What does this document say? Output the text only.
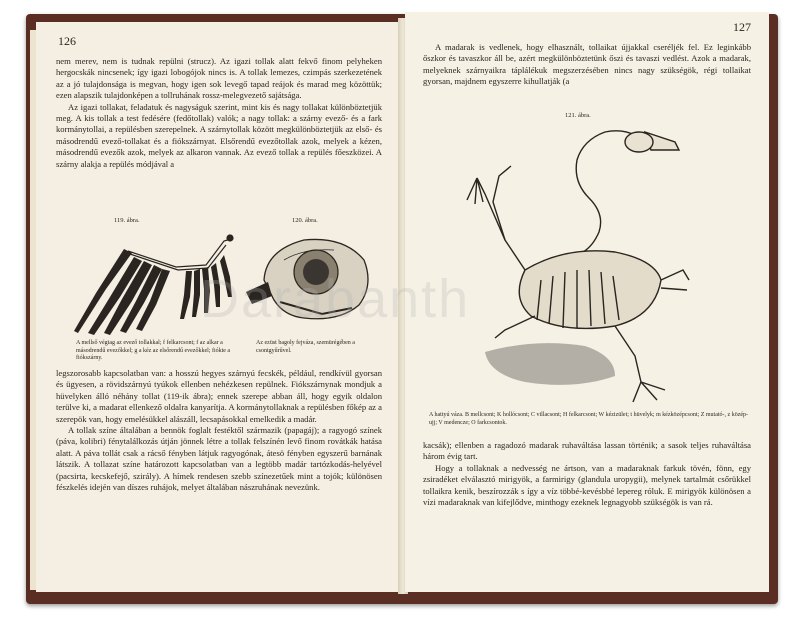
126

nem merev, nem is tudnak repülni (strucz). Az igazi tollak alatt fekvő finom pelyheken hergocskák nincsenek; így igazi lobogójok nincs is. A tollak lemezes, czimpás szerkezetének az a jó tulajdonsága is megvan, hogy igen sok levegő tapad reájok és marad meg közöttük; ezen alapszik tulajdonképen a tollruhának rossz-melegvezető sajátsága.

Az igazi tollakat, feladatuk és nagyságuk szerint, mint kis és nagy tollakat különböztetjük meg. A kis tollak a test fedésére (fedőtollak) valók; a nagy tollak: a szárny evező- és a fark kormánytollai, a repülésben szerepelnek. A szárnytollak között megkülönböztetjük az első- és másodrendű evező-tollakat és a fiókszárnyat. Elsőrendű evezőtollak azok, melyek a kézen, másodrendű evezők azok, melyek az alkaron vannak. Az evező tollak a repülés főeszközei. A szárny alakja a repülés módjával a

119. ábra.	120. ábra.
A mellső végtag az evező tollakkal; f felkarcsont; f az alkar a másodrendű evezőkkel; g a kéz az elsőrendű evezőkkel; fiókte a fiókszárny.
Az ezüst bagoly fejváza, szemürégében a csontgyűrűvel.

legszorosabb kapcsolatban van: a hosszú hegyes szárnyú fecskék, például, rendkívül gyorsan és ügyesen, a rövidszárnyú tyúkok ellenben nehézkesen repülnek. Fiókszárnynak mondjuk a hüvelyken álló néhány tollat (119-ik ábra); ennek szerepe abban áll, hogy egyik oldalon terülve ki, a madarat ellenkező oldalra kanyarítja. A kormánytollaknak a repülésben főkép az a szerepök van, hogy emelésükkel alászáll, lecsapásokkal emelkedik a madár.

A tollak színe általában a bennök foglalt festéktől származik (papagáj); a ragyogó színek (páva, kolibri) fénytalálkozás útján jönnek létre a tollak felszínén levő finom rovátkák hatása alatt. A páva tollát csak a rácső fényben látjuk ragyogónak, átesö fényben egyszerű barnának látszik. A tollazat színe határozott kapcsolatban van a legtöbb madár tartózkodás-helyével (pacsirta, kecskefejő, szirály). A hímek rendesen szebb színezetűek mint a tojók; különösen fészkelés idején van díszes ruhájok, melyet általában nászruhának nevezünk.

127

A madarak is vedlenek, hogy elhasznált, tollaikat újjakkal cseréljék fel. Ez leginkább őszkor és tavaszkor áll be, azért megkülönböztetünk őszi és tavaszi vedlést. Azok a madarak, melyeknek szárnyaikra táplálékuk megszerzésében nincs nagy szükségök, régi tollaikat gyorsan, majdnem egyszerre kihullatják (a

121. ábra.
A hattyú váza. B mellcsont; K hollócsont; C villacsont; H felkarcsont; W kézizület; t hüvelyk; m kézközépcsont; Z mutató-, z közép-ujj; V medencze; O farkcsontok.

kacsák); ellenben a ragadozó madarak ruhaváltása lassan történik; a sasok teljes ruhaváltása három évig tart.

Hogy a tollaknak a nedvesség ne ártson, van a madaraknak farkuk tövén, fönn, egy zsiradéket elválasztó mirigyök, a farmirigy (glandula uropygii), melynek tartalmát csőrükkel tollaikra kenik, beszírozzák s így a víz többé-kevésbbé lepereg róluk. E mirigyök különösen a vízi madaraknak van kifejlődve, minthogy ezeknek legnagyobb szükségök is van rá.

Darabanth
